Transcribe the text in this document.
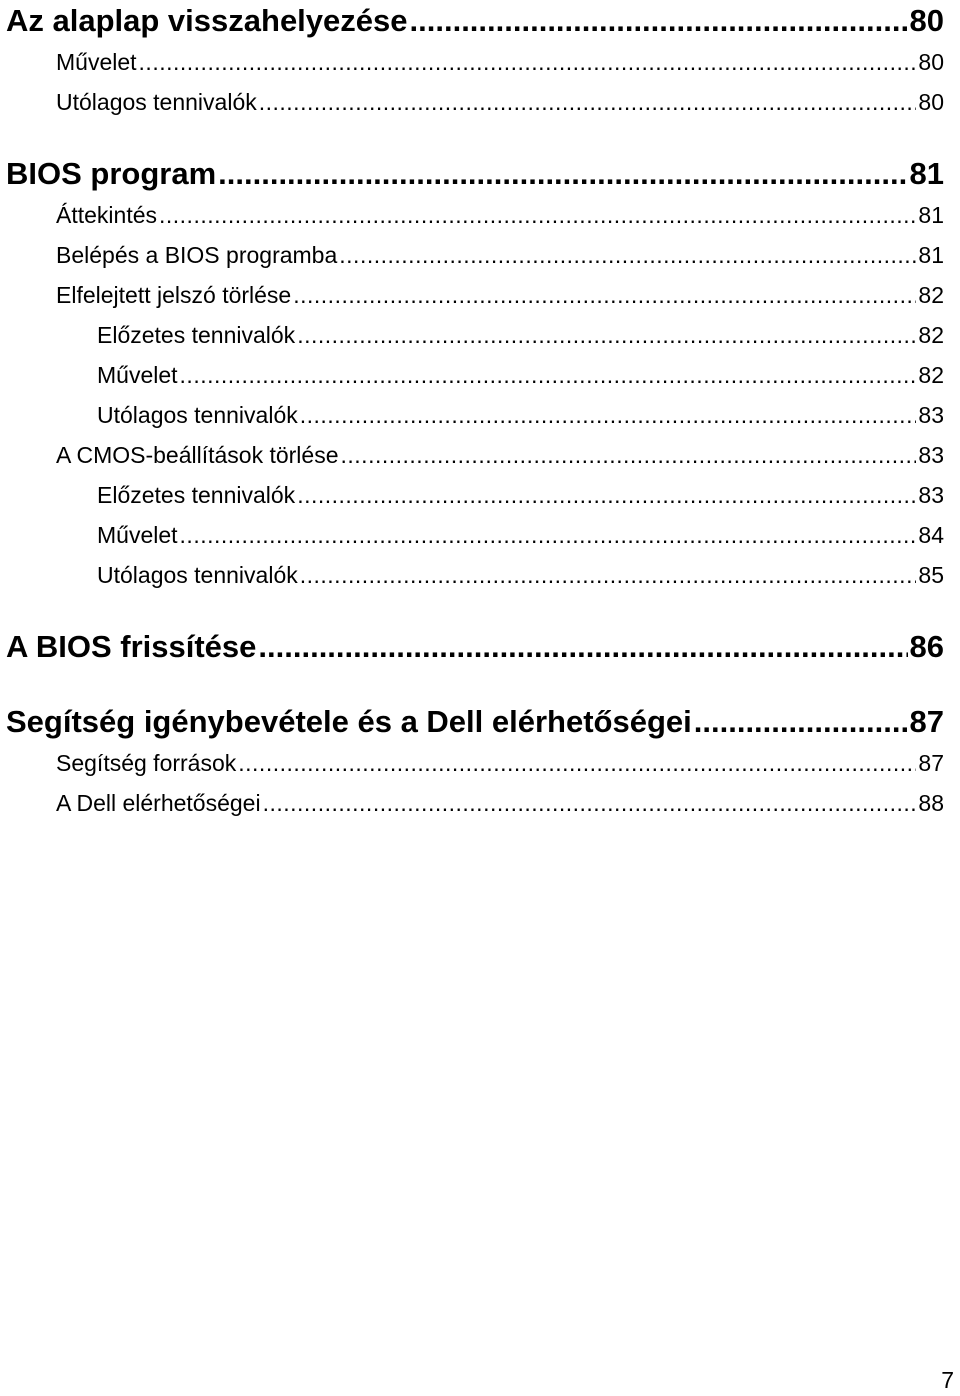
Az alaplap visszahelyezése .....	80
Művelet .....	80
Utólagos tennivalók .....	80
BIOS program .....	81
Áttekintés .....	81
Belépés a BIOS programba .....	81
Elfelejtett jelszó törlése .....	82
Előzetes tennivalók .....	82
Művelet .....	82
Utólagos tennivalók .....	83
A CMOS-beállítások törlése .....	83
Előzetes tennivalók .....	83
Művelet .....	84
Utólagos tennivalók .....	85
A BIOS frissítése .....	86
Segítség igénybevétele és a Dell elérhetőségei .....	87
Segítség források .....	87
A Dell elérhetőségei .....	88
7
